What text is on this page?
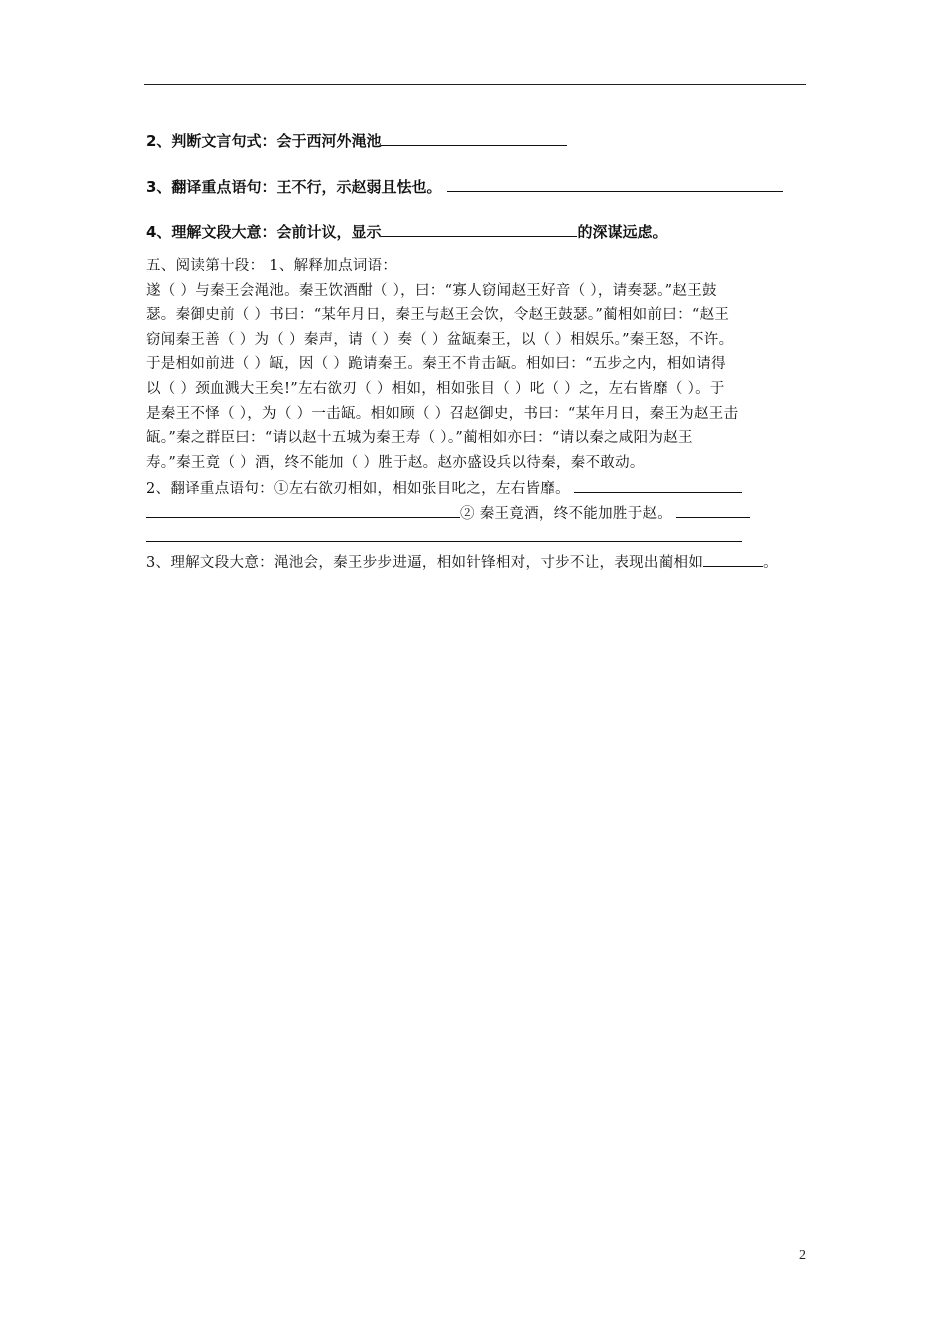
2、判断文言句式：会于西河外渑池
3、翻译重点语句：王不行，示赵弱且怯也。
4、理解文段大意：会前计议，显示	的深谋远虑。
五、阅读第十段： 1、解释加点词语：
遂（ ）与秦王会渑池。秦王饮酒酣（ ），曰：“寡人窃闻赵王好音（ ），请奏瑟。”赵王鼓
瑟。秦御史前（ ）书曰：“某年月日，秦王与赵王会饮，令赵王鼓瑟。”蔺相如前曰：“赵王
窃闻秦王善（ ）为（ ）秦声，请（ ）奏（ ）盆缻秦王，以（ ）相娱乐。”秦王怒，不许。
于是相如前进（ ）缻，因（ ）跪请秦王。秦王不肯击缻。相如曰：“五步之内，相如请得
以（ ）颈血溅大王矣!”左右欲刃（ ）相如，相如张目（ ）叱（ ）之，左右皆靡（ ）。于
是秦王不怿（ ），为（ ）一击缻。相如顾（ ）召赵御史，书曰：“某年月日，秦王为赵王击
缻。”秦之群臣曰：“请以赵十五城为秦王寿（ ）。”蔺相如亦曰：“请以秦之咸阳为赵王
寿。”秦王竟（ ）酒，终不能加（ ）胜于赵。赵亦盛设兵以待秦，秦不敢动。
2、翻译重点语句：①左右欲刃相如，相如张目叱之，左右皆靡。
② 秦王竟酒，终不能加胜于赵。
3、理解文段大意：渑池会，秦王步步进逼，相如针锋相对，寸步不让，表现出蔺相如	。
2
